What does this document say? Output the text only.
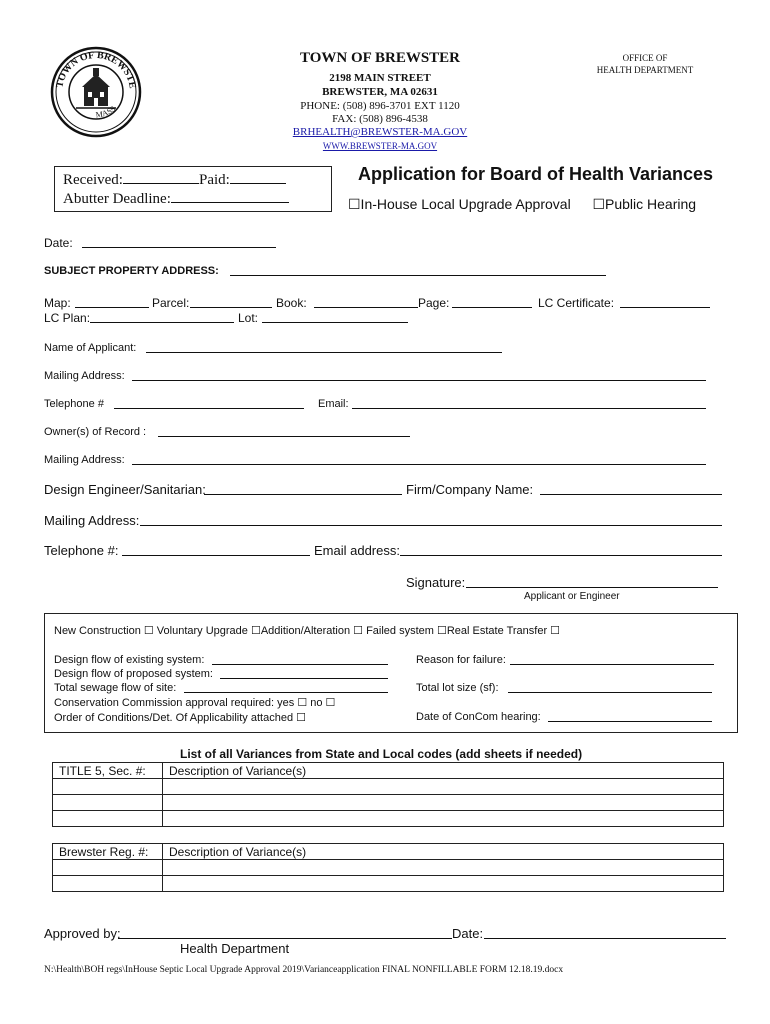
TOWN OF BREWSTE
MASS
TOWN OF BREWSTER
2198 MAIN STREET
BREWSTER, MA 02631
PHONE: (508) 896-3701 EXT 1120
FAX: (508) 896-4538
BRHEALTH@BREWSTER-MA.GOV
WWW.BREWSTER-MA.GOV
OFFICE OF
HEALTH DEPARTMENT
Received:	Paid:
Abutter Deadline:
Application for Board of Health Variances
☐In-House Local Upgrade Approval ☐Public Hearing
Date:
SUBJECT PROPERTY ADDRESS:
Map:	Parcel:	Book:	Page:	LC Certificate:
LC Plan:	Lot:
Name of Applicant:
Mailing Address:
Telephone #	Email:
Owner(s) of Record :
Mailing Address:
Design Engineer/Sanitarian:	Firm/Company Name:
Mailing Address:
Telephone #:	Email address:
Signature:
Applicant or Engineer
New Construction ☐ Voluntary Upgrade ☐Addition/Alteration ☐ Failed system ☐Real Estate Transfer ☐
Design flow of existing system:
Design flow of proposed system:
Total sewage flow of site:
Conservation Commission approval required: yes ☐ no ☐
Order of Conditions/Det. Of Applicability attached ☐
Reason for failure:
Total lot size (sf):
Date of ConCom hearing:
List of all Variances from State and Local codes (add sheets if needed)
TITLE 5, Sec. #:	Description of Variance(s)

Brewster Reg. #:	Description of Variance(s)

Approved by:	Date:
Health Department
N:\Health\BOH regs\InHouse Septic Local Upgrade Approval 2019\Varianceapplication FINAL NONFILLABLE FORM 12.18.19.docx
